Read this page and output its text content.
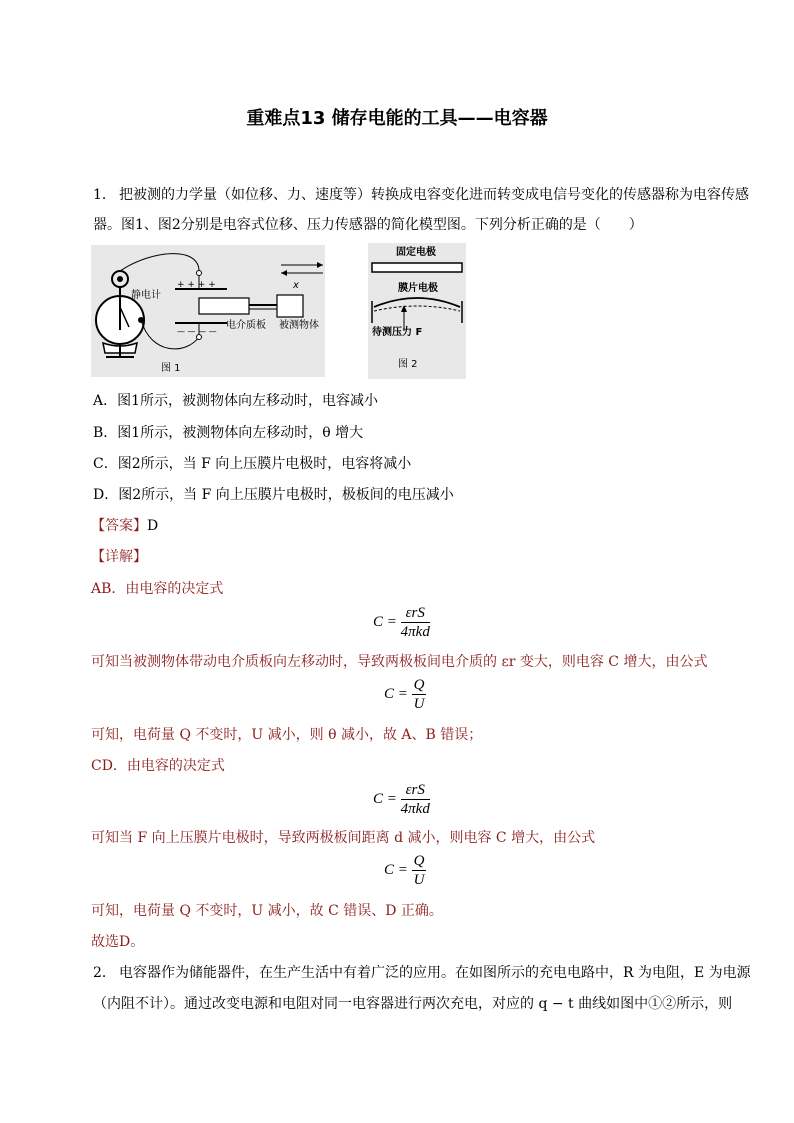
重难点13 储存电能的工具——电容器
1． 把被测的力学量（如位移、力、速度等）转换成电容变化进而转变成电信号变化的传感器称为电容传感
器。图1、图2分别是电容式位移、压力传感器的简化模型图。下列分析正确的是（　　）
静电计
+ + + +
— — — —
电介质板 被测物体
x
图 1
固定电极
膜片电极
待测压力 F
图 2
A．图1所示，被测物体向左移动时，电容减小
B．图1所示，被测物体向左移动时，θ 增大
C．图2所示，当 F 向上压膜片电极时，电容将减小
D．图2所示，当 F 向上压膜片电极时，极板间的电压减小
【答案】D
【详解】
AB．由电容的决定式
$C = \frac{\text{εrS}}{\text{4πkd}}$
可知当被测物体带动电介质板向左移动时，导致两极板间电介质的 εr 变大，则电容 C 增大，由公式
$C = \frac{Q}{U}$
可知，电荷量 Q 不变时，U 减小，则 θ 减小，故 A、B 错误；
CD．由电容的决定式
$C = \frac{\text{εrS}}{\text{4πkd}}$
可知当 F 向上压膜片电极时，导致两极板间距离 d 减小，则电容 C 增大，由公式
$C = \frac{Q}{U}$
可知，电荷量 Q 不变时，U 减小，故 C 错误、D 正确。
故选D。
2． 电容器作为储能器件，在生产生活中有着广泛的应用。在如图所示的充电电路中，R 为电阻，E 为电源
（内阻不计）。通过改变电源和电阻对同一电容器进行两次充电，对应的 q − t 曲线如图中①②所示，则
